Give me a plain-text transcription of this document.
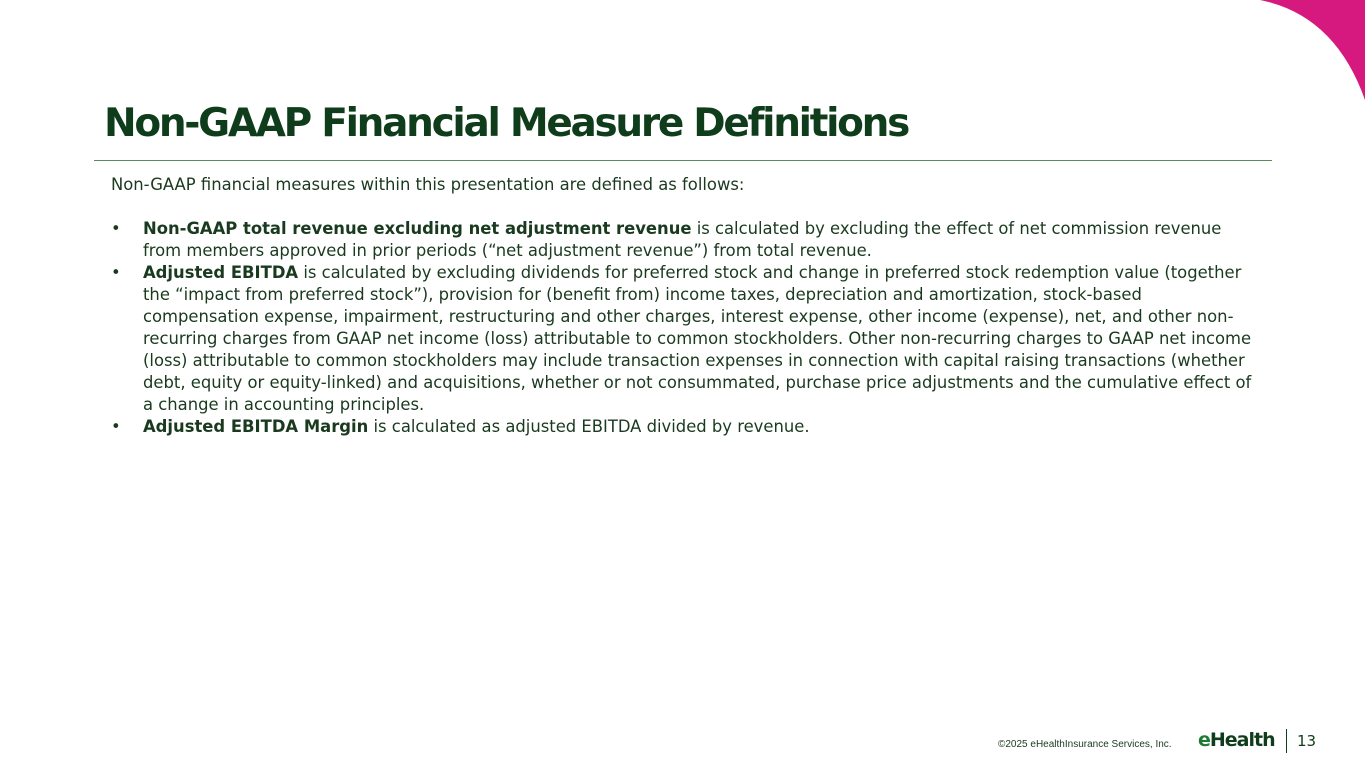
Non-GAAP Financial Measure Definitions

Non-GAAP financial measures within this presentation are defined as follows:

• Non-GAAP total revenue excluding net adjustment revenue is calculated by excluding the effect of net commission revenue from members approved in prior periods (“net adjustment revenue”) from total revenue.
• Adjusted EBITDA is calculated by excluding dividends for preferred stock and change in preferred stock redemption value (together the “impact from preferred stock”), provision for (benefit from) income taxes, depreciation and amortization, stock-based compensation expense, impairment, restructuring and other charges, interest expense, other income (expense), net, and other non-recurring charges from GAAP net income (loss) attributable to common stockholders. Other non-recurring charges to GAAP net income (loss) attributable to common stockholders may include transaction expenses in connection with capital raising transactions (whether debt, equity or equity-linked) and acquisitions, whether or not consummated, purchase price adjustments and the cumulative effect of a change in accounting principles.
• Adjusted EBITDA Margin is calculated as adjusted EBITDA divided by revenue.
©2025 eHealthInsurance Services, Inc. eHealth 13
